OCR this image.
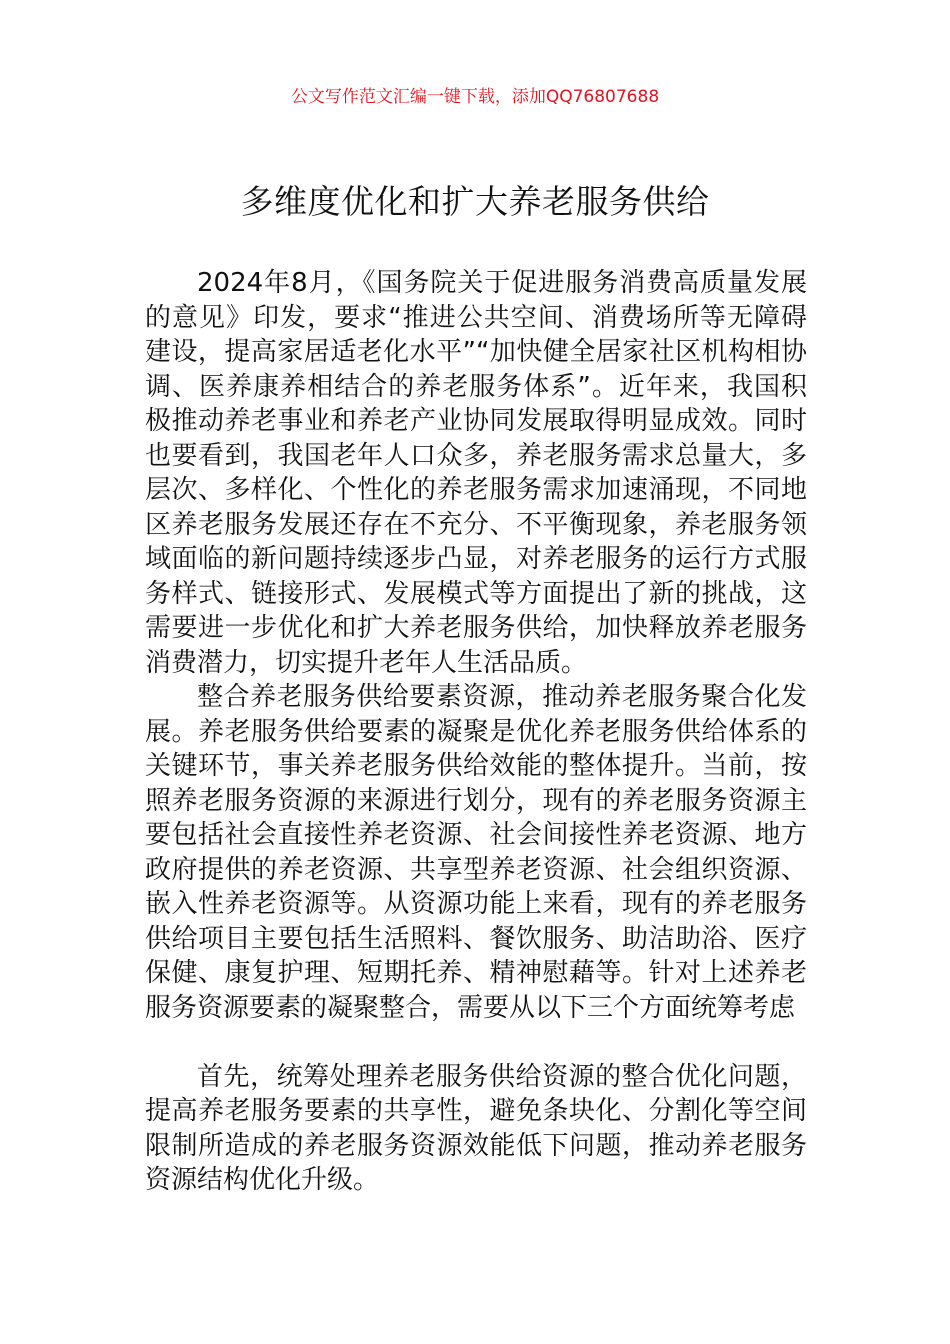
公文写作范文汇编一键下载，添加QQ76807688
多维度优化和扩大养老服务供给

2024年8月，《国务院关于促进服务消费高质量发展的意见》印发，要求“推进公共空间、消费场所等无障碍建设，提高家居适老化水平”“加快健全居家社区机构相协调、医养康养相结合的养老服务体系”。近年来，我国积极推动养老事业和养老产业协同发展取得明显成效。同时也要看到，我国老年人口众多，养老服务需求总量大，多层次、多样化、个性化的养老服务需求加速涌现，不同地区养老服务发展还存在不充分、不平衡现象，养老服务领域面临的新问题持续逐步凸显，对养老服务的运行方式服务样式、链接形式、发展模式等方面提出了新的挑战，这需要进一步优化和扩大养老服务供给，加快释放养老服务消费潜力，切实提升老年人生活品质。

整合养老服务供给要素资源，推动养老服务聚合化发展。养老服务供给要素的凝聚是优化养老服务供给体系的关键环节，事关养老服务供给效能的整体提升。当前，按照养老服务资源的来源进行划分，现有的养老服务资源主要包括社会直接性养老资源、社会间接性养老资源、地方政府提供的养老资源、共享型养老资源、社会组织资源、嵌入性养老资源等。从资源功能上来看，现有的养老服务供给项目主要包括生活照料、餐饮服务、助洁助浴、医疗保健、康复护理、短期托养、精神慰藉等。针对上述养老服务资源要素的凝聚整合，需要从以下三个方面统筹考虑

首先，统筹处理养老服务供给资源的整合优化问题，提高养老服务要素的共享性，避免条块化、分割化等空间限制所造成的养老服务资源效能低下问题，推动养老服务资源结构优化升级。
